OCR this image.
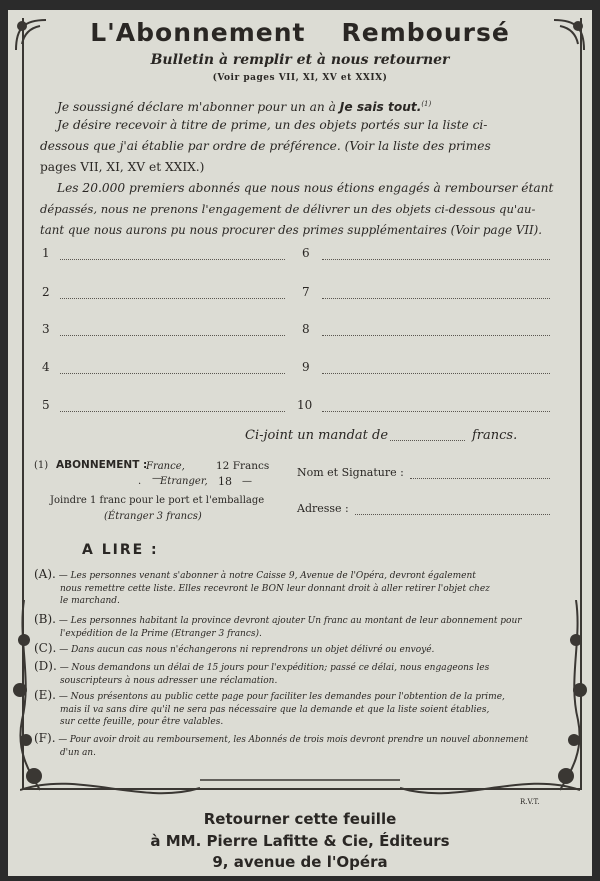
L'Abonnement Remboursé
Bulletin à remplir et à nous retourner
(Voir pages VII, XI, XV et XXIX)
Je soussigné déclare m'abonner pour un an à Je sais tout.$^{(1)}$
Je désire recevoir à titre de prime, un des objets portés sur la liste ci-
dessous que j'ai établie par ordre de préférence. (Voir la liste des primes
pages VII, XI, XV et XXIX.)
Les 20.000 premiers abonnés que nous nous étions engagés à rembourser étant
dépassés, nous ne prenons l'engagement de délivrer un des objets ci-dessous qu'au-
tant que nous aurons pu nous procurer des primes supplémentaires (Voir page VII).
1
2
3
4
5
6
7
8
9
10
Ci-joint un mandat de	francs.
(1) ABONNEMENT :
France,	12 Francs
—
. Etranger, 18 —
Joindre 1 franc pour le port et l'emballage
(Étranger 3 francs)
Nom et Signature :
Adresse :
A LIRE :
(A). — Les personnes venant s'abonner à notre Caisse 9, Avenue de l'Opéra, devront également
nous remettre cette liste. Elles recevront le BON leur donnant droit à aller retirer l'objet chez
le marchand.
(B). — Les personnes habitant la province devront ajouter Un franc au montant de leur abonnement pour
l'expédition de la Prime (Etranger 3 francs).
(C). — Dans aucun cas nous n'échangerons ni reprendrons un objet délivré ou envoyé.
(D). — Nous demandons un délai de 15 jours pour l'expédition; passé ce délai, nous engageons les
souscripteurs à nous adresser une réclamation.
(E). — Nous présentons au public cette page pour faciliter les demandes pour l'obtention de la prime,
mais il va sans dire qu'il ne sera pas nécessaire que la demande et que la liste soient établies,
sur cette feuille, pour être valables.
(F). — Pour avoir droit au remboursement, les Abonnés de trois mois devront prendre un nouvel abonnement
d'un an.
R.V.T.
Retourner cette feuille
à MM. Pierre Lafitte & Cie, Éditeurs
9, avenue de l'Opéra
